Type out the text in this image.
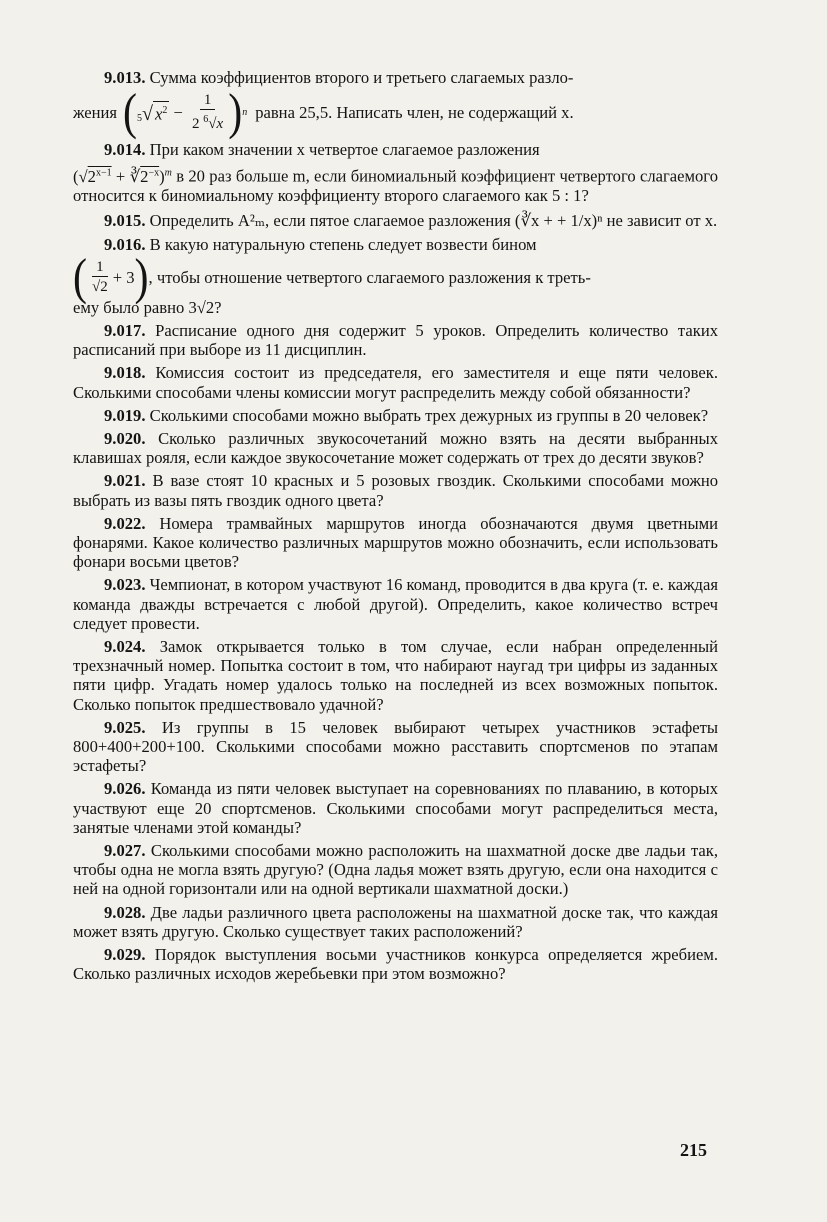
9.013. Сумма коэффициентов второго и третьего слагаемых разло-

жения ( 5 √ $x^2 - \frac{1}{2 ^6√x}$ ) n равна 25,5. Написать член, не содержащий x.

9.014. При каком значении x четвертое слагаемое разложения

($√2^{x-1}$ + $∛2^{-x})^m$ в 20 раз больше m, если биномиальный коэффициент четвертого слагаемого относится к биномиальному коэффициенту второго слагаемого как 5 : 1?

9.015. Определить A²ₘ, если пятое слагаемое разложения (∛x + + 1/x)ⁿ не зависит от x.

9.016. В какую натуральную степень следует возвести бином

( $\frac{1}{√2} + 3$ ) , чтобы отношение четвертого слагаемого разложения к треть-

ему было равно 3√2?

9.017. Расписание одного дня содержит 5 уроков. Определить количество таких расписаний при выборе из 11 дисциплин.

9.018. Комиссия состоит из председателя, его заместителя и еще пяти человек. Сколькими способами члены комиссии могут распределить между собой обязанности?

9.019. Сколькими способами можно выбрать трех дежурных из группы в 20 человек?

9.020. Сколько различных звукосочетаний можно взять на десяти выбранных клавишах рояля, если каждое звукосочетание может содержать от трех до десяти звуков?

9.021. В вазе стоят 10 красных и 5 розовых гвоздик. Сколькими способами можно выбрать из вазы пять гвоздик одного цвета?

9.022. Номера трамвайных маршрутов иногда обозначаются двумя цветными фонарями. Какое количество различных маршрутов можно обозначить, если использовать фонари восьми цветов?

9.023. Чемпионат, в котором участвуют 16 команд, проводится в два круга (т. е. каждая команда дважды встречается с любой другой). Определить, какое количество встреч следует провести.

9.024. Замок открывается только в том случае, если набран определенный трехзначный номер. Попытка состоит в том, что набирают наугад три цифры из заданных пяти цифр. Угадать номер удалось только на последней из всех возможных попыток. Сколько попыток предшествовало удачной?

9.025. Из группы в 15 человек выбирают четырех участников эстафеты 800+400+200+100. Сколькими способами можно расставить спортсменов по этапам эстафеты?

9.026. Команда из пяти человек выступает на соревнованиях по плаванию, в которых участвуют еще 20 спортсменов. Сколькими способами могут распределиться места, занятые членами этой команды?

9.027. Сколькими способами можно расположить на шахматной доске две ладьи так, чтобы одна не могла взять другую? (Одна ладья может взять другую, если она находится с ней на одной горизонтали или на одной вертикали шахматной доски.)

9.028. Две ладьи различного цвета расположены на шахматной доске так, что каждая может взять другую. Сколько существует таких расположений?

9.029. Порядок выступления восьми участников конкурса определяется жребием. Сколько различных исходов жеребьевки при этом возможно?

215
